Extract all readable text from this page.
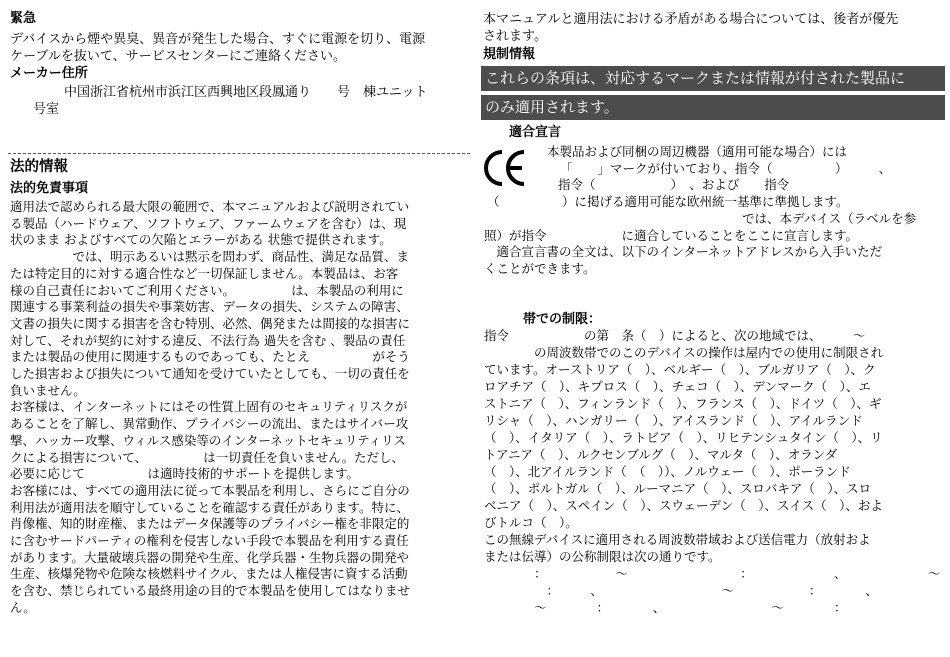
緊急
デバイスから煙や異臭、異音が発生した場合、すぐに電源を切り、電源
ケーブルを抜いて、サービスセンターにご連絡ください。
メーカー住所
中国浙江省杭州市浜江区西興地区段鳳通り　　号　棟ユニット
号室
法的情報
法的免責事項
適用法で認められる最大限の範囲で、本マニュアルおよび説明されてい
る製品（ハードウェア、ソフトウェア、ファームウェアを含む）は、現
状のまま およびすべての欠陥とエラーがある 状態で提供されます。
　　　　　では、明示あるいは黙示を問わず、商品性、満足な品質、ま
たは特定目的に対する適合性など一切保証しません。本製品は、お客
様の自己責任においてご利用ください。　　　　　は、本製品の利用に
関連する事業利益の損失や事業妨害、データの損失、システムの障害、
文書の損失に関する損害を含む特別、必然、偶発または間接的な損害に
対して、それが契約に対する違反、不法行為 過失を含む 、製品の責任
または製品の使用に関連するものであっても、たとえ　　　　　がそう
した損害および損失について通知を受けていたとしても、一切の責任を
負いません。
お客様は、インターネットにはその性質上固有のセキュリティリスクが
あることを了解し、異常動作、プライバシーの流出、またはサイバー攻
撃、ハッカー攻撃、ウィルス感染等のインターネットセキュリティリス
クによる損害について、　　　　　は一切責任を負いません。ただし、
必要に応じて　　　　　は適時技術的サポートを提供します。
お客様には、すべての適用法に従って本製品を利用し、さらにご自分の
利用法が適用法を順守していることを確認する責任があります。特に、
肖像権、知的財産権、またはデータ保護等のプライバシー権を非限定的
に含むサードパーティの権利を侵害しない手段で本製品を利用する責任
があります。大量破壊兵器の開発や生産、化学兵器・生物兵器の開発や
生産、核爆発物や危険な核燃料サイクル、または人権侵害に資する活動
を含む、禁じられている最終用途の目的で本製品を使用してはなりませ
ん。
本マニュアルと適用法における矛盾がある場合については、後者が優先
されます。
規制情報
これらの条項は、対応するマークまたは情報が付された製品に
のみ適用されます。
適合宣言
本製品および同梱の周辺機器（適用可能な場合）には
「　　」マークが付いており、指令（　　　　　）　　　、
指令（　　　　　　）　、および　　指令
（　　　　　）に掲げる適用可能な欧州統一基準に準拠します。
では、本デバイス（ラベルを参
照）が指令　　　　　　に適合していることをここに宣言します。
　適合宣言書の全文は、以下のインターネットアドレスから入手いただ
くことができます。
帯での制限：
指令　　　　　　の第　条（　）によると、次の地域では、　　　～
　　　　の周波数帯でのこのデバイスの操作は屋内での使用に制限され
ています。オーストリア（　）、ベルギー（　）、ブルガリア（　）、ク
ロアチア（　）、キプロス（　）、チェコ（　）、デンマーク（　）、エ
ストニア（　）、フィンランド（　）、フランス（　）、ドイツ（　）、ギ
リシャ（　）、ハンガリー（　）、アイスランド（　）、アイルランド
（　）、イタリア（　）、ラトビア（　）、リヒテンシュタイン（　）、リ
トアニア（　）、ルクセンブルグ（　）、マルタ（　）、オランダ
（　）、北アイルランド（　（　））、ノルウェー（　）、ポーランド
（　）、ポルトガル（　）、ルーマニア（　）、スロバキア（　）、スロ
ベニア（　）、スペイン（　）、スウェーデン（　）、スイス（　）、およ
びトルコ（　）。
この無線デバイスに適用される周波数帯域および送信電力（放射およ
または伝導）の公称制限は次の通りです。
　　　　：　　　　　　～　　　　　　　　　：　　　　　　　、　　　　　　　～
　　　　　：　　　、　　　　　　　　　　～　　　　　　：　　　　、
　　　　～　　　　：　　　　、　　　　　　　　　～　　　　：
